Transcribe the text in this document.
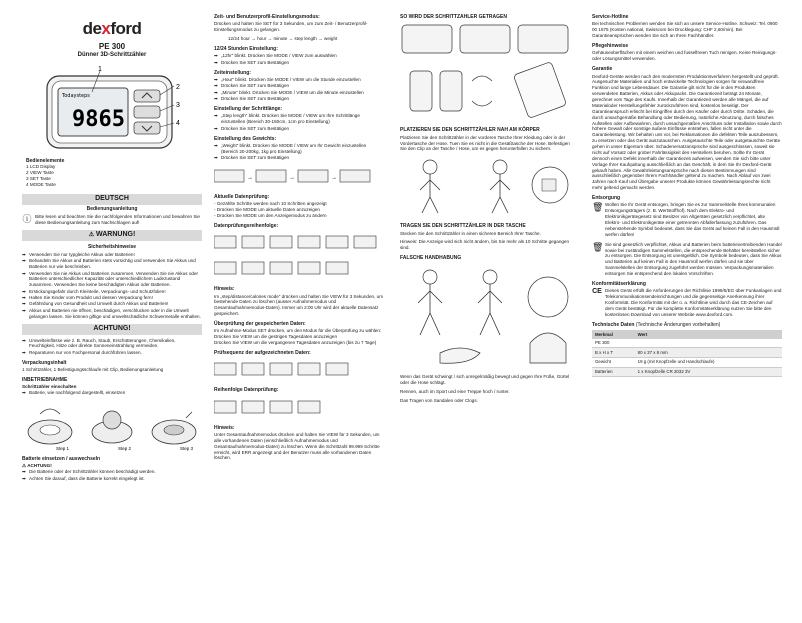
dexford
PE 300
Dünner 3D-Schrittzähler
Todaysteps
9865
1
2
3
4
Bedienelemente
1 LCD Display
2 VIEW Taste
3 SET Taste
4 MODE Taste
DEUTSCH
Bedienungsanleitung
ⓘ Bitte lesen und beachten Sie die nachfolgenden Informationen und bewahren Sie diese Bedienungsanleitung zum Nachschlagen auf!
⚠ WARNUNG!
Sicherheitshinweise
➡ Verwenden Sie nur typgleiche Akkus oder Batterien!
➡ Behandeln Sie Akkus und Batterien stets vorsichtig und verwenden Sie Akkus und Batterien nur wie beschrieben.
➡ Verwenden Sie nie Akkus und Batterien zusammen. Verwenden Sie nie Akkus oder Batterien unterschiedlicher Kapazität oder unterschiedlichem Ladezustand zusammen. Verwenden Sie keine beschädigten Akkus oder Batterien.
➡ Erstickungsgefahr durch Kleinteile, Verpackungs- und Schutzfolien!
➡ Halten Sie Kinder vom Produkt und dessen Verpackung fern!
➡ Gefährdung von Gesundheit und Umwelt durch Akkus und Batterien!
➡ Akkus und Batterien nie öffnen, beschädigen, verschlucken oder in die Umwelt gelangen lassen. Sie können giftige und umweltschädliche Schwermetalle enthalten.
ACHTUNG!
➡ Umwelteinflüsse wie z. B. Rauch, Staub, Erschütterungen, Chemikalien, Feuchtigkeit, Hitze oder direkte Sonneneinstrahlung vermeiden.
➡ Reparaturen nur von Fachpersonal durchführen lassen.
Verpackungsinhalt

1 Schrittzähler, 1 Befestigungsschlaufe mit Clip, Bedienungsanleitung

INBETRIEBNAHME
Schrittzähler einschalten
➡ Batterie, wie nachfolgend dargestellt, einsetzen
Step 1	Step 2	Step 3
Batterie einsetzen / auswechseln
⚠ ACHTUNG!
➡ Die Batterie oder der Schrittzähler können beschädigt werden.
➡ Achten Sie darauf, dass die Batterie korrekt eingelegt ist.
Zeit- und Benutzerprofil-Einstellungsmodus:

Drücken und halten Sie SET für 3 Sekunden, um zum Zeit- / Benutzerprofil-Einstellungsmodus zu gelangen.

12/24 hour → hour → minute → step length → weight

12/24 Stunden Einstellung:
➡ „12hr“ blinkt. Drücken Sie MODE / VIEW zum auswählen
➡ Drücken Sie SET zum Bestätigen
Zeiteinstellung:
➡ „Hour“ blinkt. Drücken Sie MODE / VIEW um die Stunde einzustellen
➡ Drücken Sie SET zum Bestätigen
➡ „Minute“ blinkt. Drücken Sie MODE / VIEW um die Minute einzustellen
➡ Drücken Sie SET zum Bestätigen
Einstellung der Schrittlänge:
➡ „Step length“ blinkt. Drücken Sie MODE / VIEW um Ihre Schrittlänge einzustellen (Bereich 30-150cm, 1cm pro Einstellung)
➡ Drücken Sie SET zum Bestätigen
Einstellung des Gewichts:
➡ „Weight“ blinkt. Drücken Sie MODE / VIEW um Ihr Gewicht einzustellen (Bereich 20-200kg, 1kg pro Einstellung)
➡ Drücken Sie SET zum Bestätigen
→	→	→
Aktuelle Datenprüfung:
- Gezählte Schritte werden nach 10 Schritten angezeigt
- Drücken Sie MODE um aktuelle Daten anzuzeigen
- Drücken Sie MODE um den Anzeigemodus zu ändern
Datenprüfungsreihenfolge:

Hinweis:

Im „step/distance/calories mode“ drücken und halten Sie VIEW für 3 Sekunden, um bestehende Daten zu löschen (ausser Aufnahmemodus und Gesamtaufnahmemodus-Daten). Immer um 2:00 Uhr wird der aktuelle Datensatz gespeichert.

Überprüfung der gespeicherten Daten:
Im Aufnahme-Modus SET drücken, um den Modus für die Überprüfung zu wählen:
Drücken Sie VIEW um die gestrigen Tagesdaten anzuzeigen
Drücken Sie VIEW um die vergangenen Tagesdaten anzuzeigen (bis zu 7 Tage)
Prüfsequenz der aufgezeichneten Daten:
Reihenfolge Datenprüfung:
Hinweis:

Unter Gesamtaufnahmemodus drücken und halten Sie VIEW für 3 Sekunden, um alle vorhandenen Daten (einschließlich Aufnahmemodus und Gesamtaufnahmemodus-Daten) zu löschen. Wenn die Schrittzahl 99.999 Schritte erreicht, wird ERR angezeigt und der Benutzer muss alle vorhandenen Daten löschen.

SO WIRD DER SCHRITTZÄHLER GETRAGEN
PLATZIEREN SIE DEN SCHRITTZÄHLER NAH AM KÖRPER

Platzieren Sie den Schrittzähler in der vorderen Tasche Ihrer Kleidung oder in der Vordertasche der Hose. Tuen Sie es nicht in die Gesäßtasche der Hose. Befestigen Sie den Clip an der Tasche / Hose, um es gegen herunterfallen zu sichern.

TRAGEN SIE DEN SCHRITTZÄHLER IN DER TASCHE

Stecken Sie den Schrittzähler in einen sicheren Bereich Ihrer Tasche.

Hinweis: Die Anzeige wird sich nicht ändern, bis Sie mehr als 10 Schritte gegangen sind.

FALSCHE HANDHABUNG

Wenn das Gerät schwingt / sich unregelmäßig bewegt und gegen Ihre Füße, Gürtel oder die Hose schlägt.

Rennen, auch im Sport und eine Treppe hoch / runter.

Das Tragen von Sandalen oder Clogs.

Service-Hotline

Bei technischen Problemen wenden Sie sich an unsere Service-Hotline. Schweiz: Tel. 0900 00 1675 (Kosten national, Swisscom bei Drucklegung: CHF 2,60/min). Bei Garantieansprüchen wenden Sie sich an Ihren Fachhändler.

Pflegehinweise

Gehäuseoberflächen mit einem weichen und fusselfreien Tuch reinigen. Keine Reinigungs- oder Lösungsmittel verwenden.

Garantie

Dexford-Geräte werden nach den modernsten Produktionsverfahren hergestellt und geprüft. Ausgesuchte Materialien und hoch entwickelte Technologien sorgen für einwandfreie Funktion und lange Lebensdauer. Die Garantie gilt nicht für die in den Produkten verwendeten Batterien, Akkus oder Akkupacks. Die Garantiezeit beträgt 24 Monate, gerechnet vom Tage des Kaufs. Innerhalb der Garantiezeit werden alle Mängel, die auf Materialoder Herstellungsfehler zurückzuführen sind, kostenlos beseitigt. Der Garantieanspruch erlischt bei Eingriffen durch den Käufer oder durch Dritte. Schäden, die durch unsachgemäße Behandlung oder Bedienung, natürliche Abnutzung, durch falsches Aufstellen oder Aufbewahren, durch unsachgemäßen Anschluss oder Installation sowie durch höhere Gewalt oder sonstige äußere Einflüsse entstehen, fallen nicht unter die Garantieleistung. Wir behalten uns vor, bei Reklamationen die defekten Teile auszubessern, zu ersetzen oder das Gerät auszutauschen. Ausgetauschte Teile oder ausgetauschte Geräte gehen in unser Eigentum über. Schadenersatzansprüche sind ausgeschlossen, soweit sie nicht auf Vorsatz oder grober Fahrlässigkeit des Herstellers beruhen. Sollte Ihr Gerät dennoch einen Defekt innerhalb der Garantiezeit aufweisen, wenden Sie sich bitte unter Vorlage Ihrer Kaufquittung ausschließlich an das Geschäft, in dem Sie Ihr Dexford-Gerät gekauft haben. Alle Gewährleistungsansprüche nach diesen Bestimmungen sind ausschließlich gegenüber Ihrem Fachhändler geltend zu machen. Nach Ablauf von zwei Jahren nach Kauf und Übergabe unserer Produkte können Gewährleistungsrechte nicht mehr geltend gemacht werden.

Entsorgung
🗑 Wollen Sie Ihr Gerät entsorgen, bringen Sie es zur Sammelstelle Ihres kommunalen Entsorgungsträgers (z. B. Wertstoffhof). Nach dem Elektro- und Elektronikgerätegesetz sind Besitzer von Altgeräten gesetzlich verpflichtet, alte Elektro- und Elektronikgeräte einer getrennten Abfallerfassung zuzuführen. Das nebenstehende Symbol bedeutet, dass Sie das Gerät auf keinen Fall in den Hausmüll werfen dürfen!
🗑 Sie sind gesetzlich verpflichtet, Akkus und Batterien beim batterievertreibenden Handel sowie bei zuständigen Sammelstellen, die entsprechende Behälter bereitstellen sicher zu entsorgen. Die Entsorgung ist unentgeltlich. Die Symbole bedeuten, dass Sie Akkus und Batterien auf keinen Fall in den Hausmüll werfen dürfen und sie über Sammelstellen der Entsorgung zugeführt werden müssen. Verpackungsmaterialien entsorgen Sie entsprechend den lokalen Vorschriften.
Konformitätserklärung
CE Dieses Gerät erfüllt die Anforderungen der Richtlinie 1999/5/EG über Funkanlagen und Telekommunikationsendeinrichtungen und die gegenseitige Anerkennung ihrer Konformität. Die Konformität mit der o. a. Richtlinie wird durch das CE-Zeichen auf dem Gerät bestätigt. Für die komplette Konformitätserklärung nutzen Sie bitte den kostenlosen Download von unserer Website www.dexford.com.
Technische Daten (Technische Änderungen vorbehalten)
Merkmal	Wert
PE 300	
B x H x T	80 x 37 x 8 mm
Gewicht	19 g (mit Knopfzelle und Handschlaufe)
Batterien	1 x Knopfzelle CR 2032 3V
